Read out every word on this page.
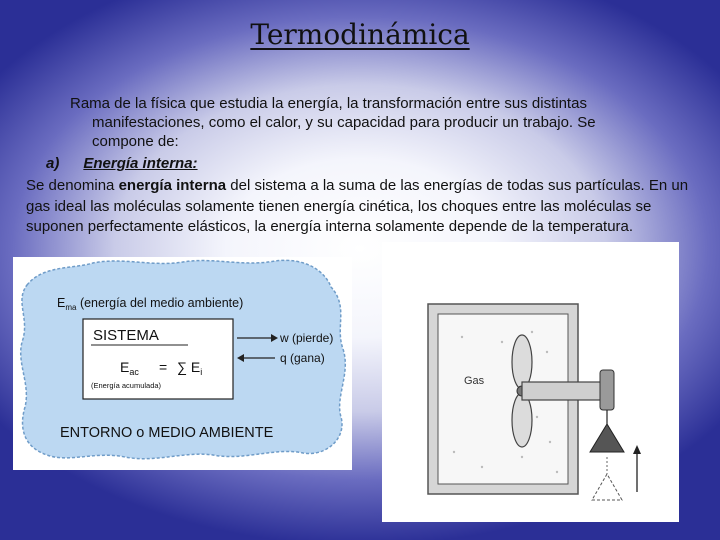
Termodinámica
Rama de la física que estudia la energía, la transformación entre sus distintas
manifestaciones, como el calor, y su capacidad para producir un trabajo. Se
compone de:
a) Energía interna:
Se denomina energía interna del sistema a la suma de las energías de todas sus partículas. En un gas ideal las moléculas solamente tienen energía cinética, los choques entre las moléculas se suponen perfectamente elásticos, la energía interna solamente depende de la temperatura.
$E_{ma}$ (energía del medio ambiente)
SISTEMA
$E_{ac}$ = ∑ $E_i$
(Energía acumulada)
w (pierde)
q (gana)
ENTORNO o MEDIO AMBIENTE
Gas
